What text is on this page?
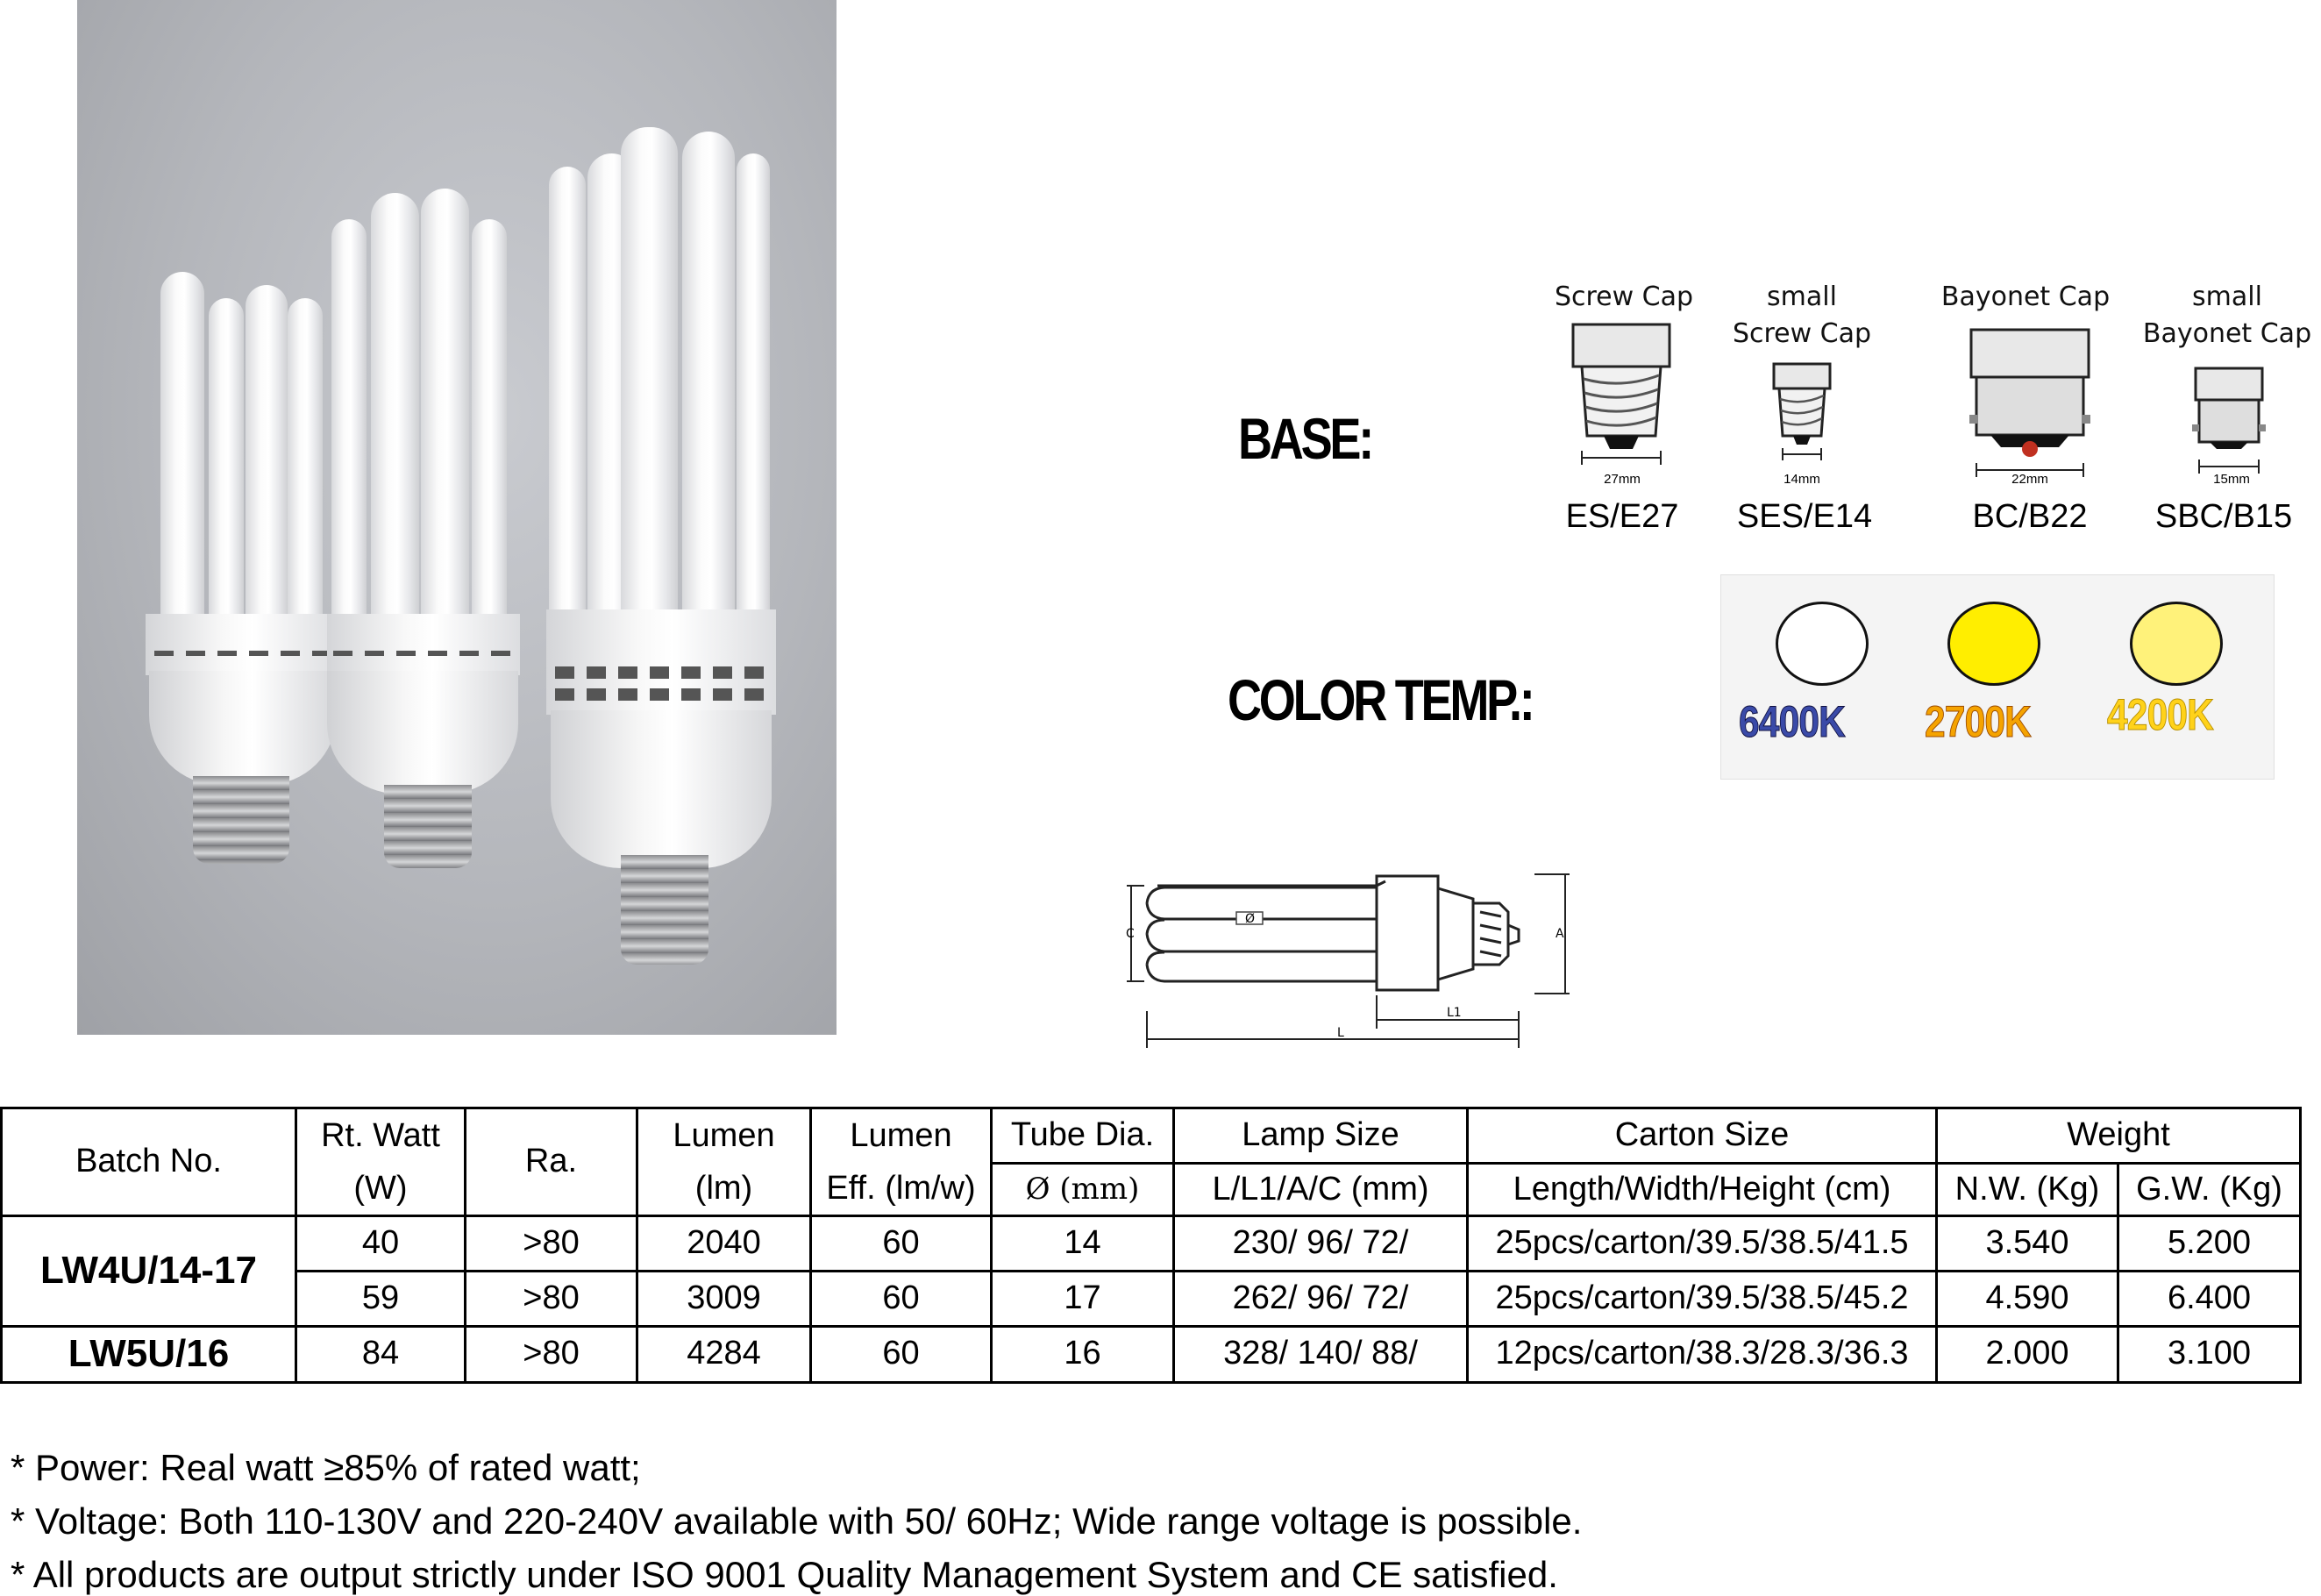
BASE:
Screw Cap
27mm
ES/E27
small
Screw Cap
14mm
SES/E14
Bayonet Cap
22mm
BC/B22
small
Bayonet Cap
15mm
SBC/B15
COLOR TEMP.:	6400K 2700K 4200K
Ø
C	A
L
L1
Batch No.	Rt. Watt	Ra.	Lumen	Lumen	Tube Dia.	Lamp Size	Carton Size	Weight	
	(W)		(lm)	Eff. (lm/w)	Ø (mm)	L/L1/A/C (mm)	Length/Width/Height (cm)	N.W. (Kg)	G.W. (Kg)
LW4U/14-17	40	>80	2040	60	14	230/ 96/ 72/	25pcs/carton/39.5/38.5/41.5	3.540	5.200
	59	>80	3009	60	17	262/ 96/ 72/	25pcs/carton/39.5/38.5/45.2	4.590	6.400
LW5U/16	84	>80	4284	60	16	328/ 140/ 88/	12pcs/carton/38.3/28.3/36.3	2.000	3.100
* Power: Real watt ≥85% of rated watt;
* Voltage: Both 110-130V and 220-240V available with 50/ 60Hz; Wide range voltage is possible.
* All products are output strictly under ISO 9001 Quality Management System and CE satisfied.
